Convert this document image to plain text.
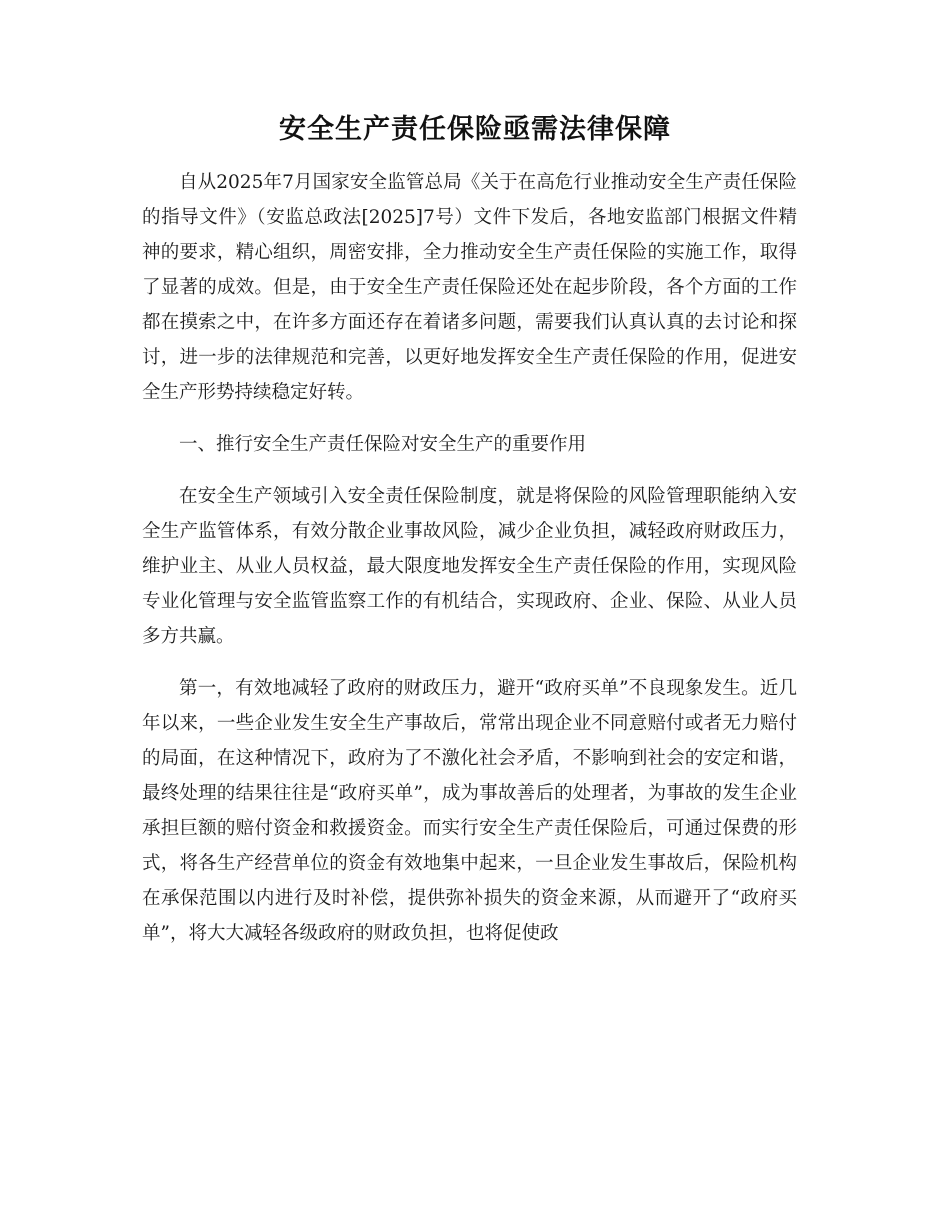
安全生产责任保险亟需法律保障

自从2025年7月国家安全监管总局《关于在高危行业推动安全生产责任保险的指导文件》（安监总政法[2025]7号）文件下发后，各地安监部门根据文件精神的要求，精心组织，周密安排，全力推动安全生产责任保险的实施工作，取得了显著的成效。但是，由于安全生产责任保险还处在起步阶段，各个方面的工作都在摸索之中，在许多方面还存在着诸多问题，需要我们认真认真的去讨论和探讨，进一步的法律规范和完善，以更好地发挥安全生产责任保险的作用，促进安全生产形势持续稳定好转。

一、推行安全生产责任保险对安全生产的重要作用

在安全生产领域引入安全责任保险制度，就是将保险的风险管理职能纳入安全生产监管体系，有效分散企业事故风险，减少企业负担，减轻政府财政压力，维护业主、从业人员权益，最大限度地发挥安全生产责任保险的作用，实现风险专业化管理与安全监管监察工作的有机结合，实现政府、企业、保险、从业人员多方共赢。

第一，有效地减轻了政府的财政压力，避开“政府买单”不良现象发生。近几年以来，一些企业发生安全生产事故后，常常出现企业不同意赔付或者无力赔付的局面，在这种情况下，政府为了不激化社会矛盾，不影响到社会的安定和谐，最终处理的结果往往是“政府买单”，成为事故善后的处理者，为事故的发生企业承担巨额的赔付资金和救援资金。而实行安全生产责任保险后，可通过保费的形式，将各生产经营单位的资金有效地集中起来，一旦企业发生事故后，保险机构在承保范围以内进行及时补偿，提供弥补损失的资金来源，从而避开了“政府买单”，将大大减轻各级政府的财政负担，也将促使政
